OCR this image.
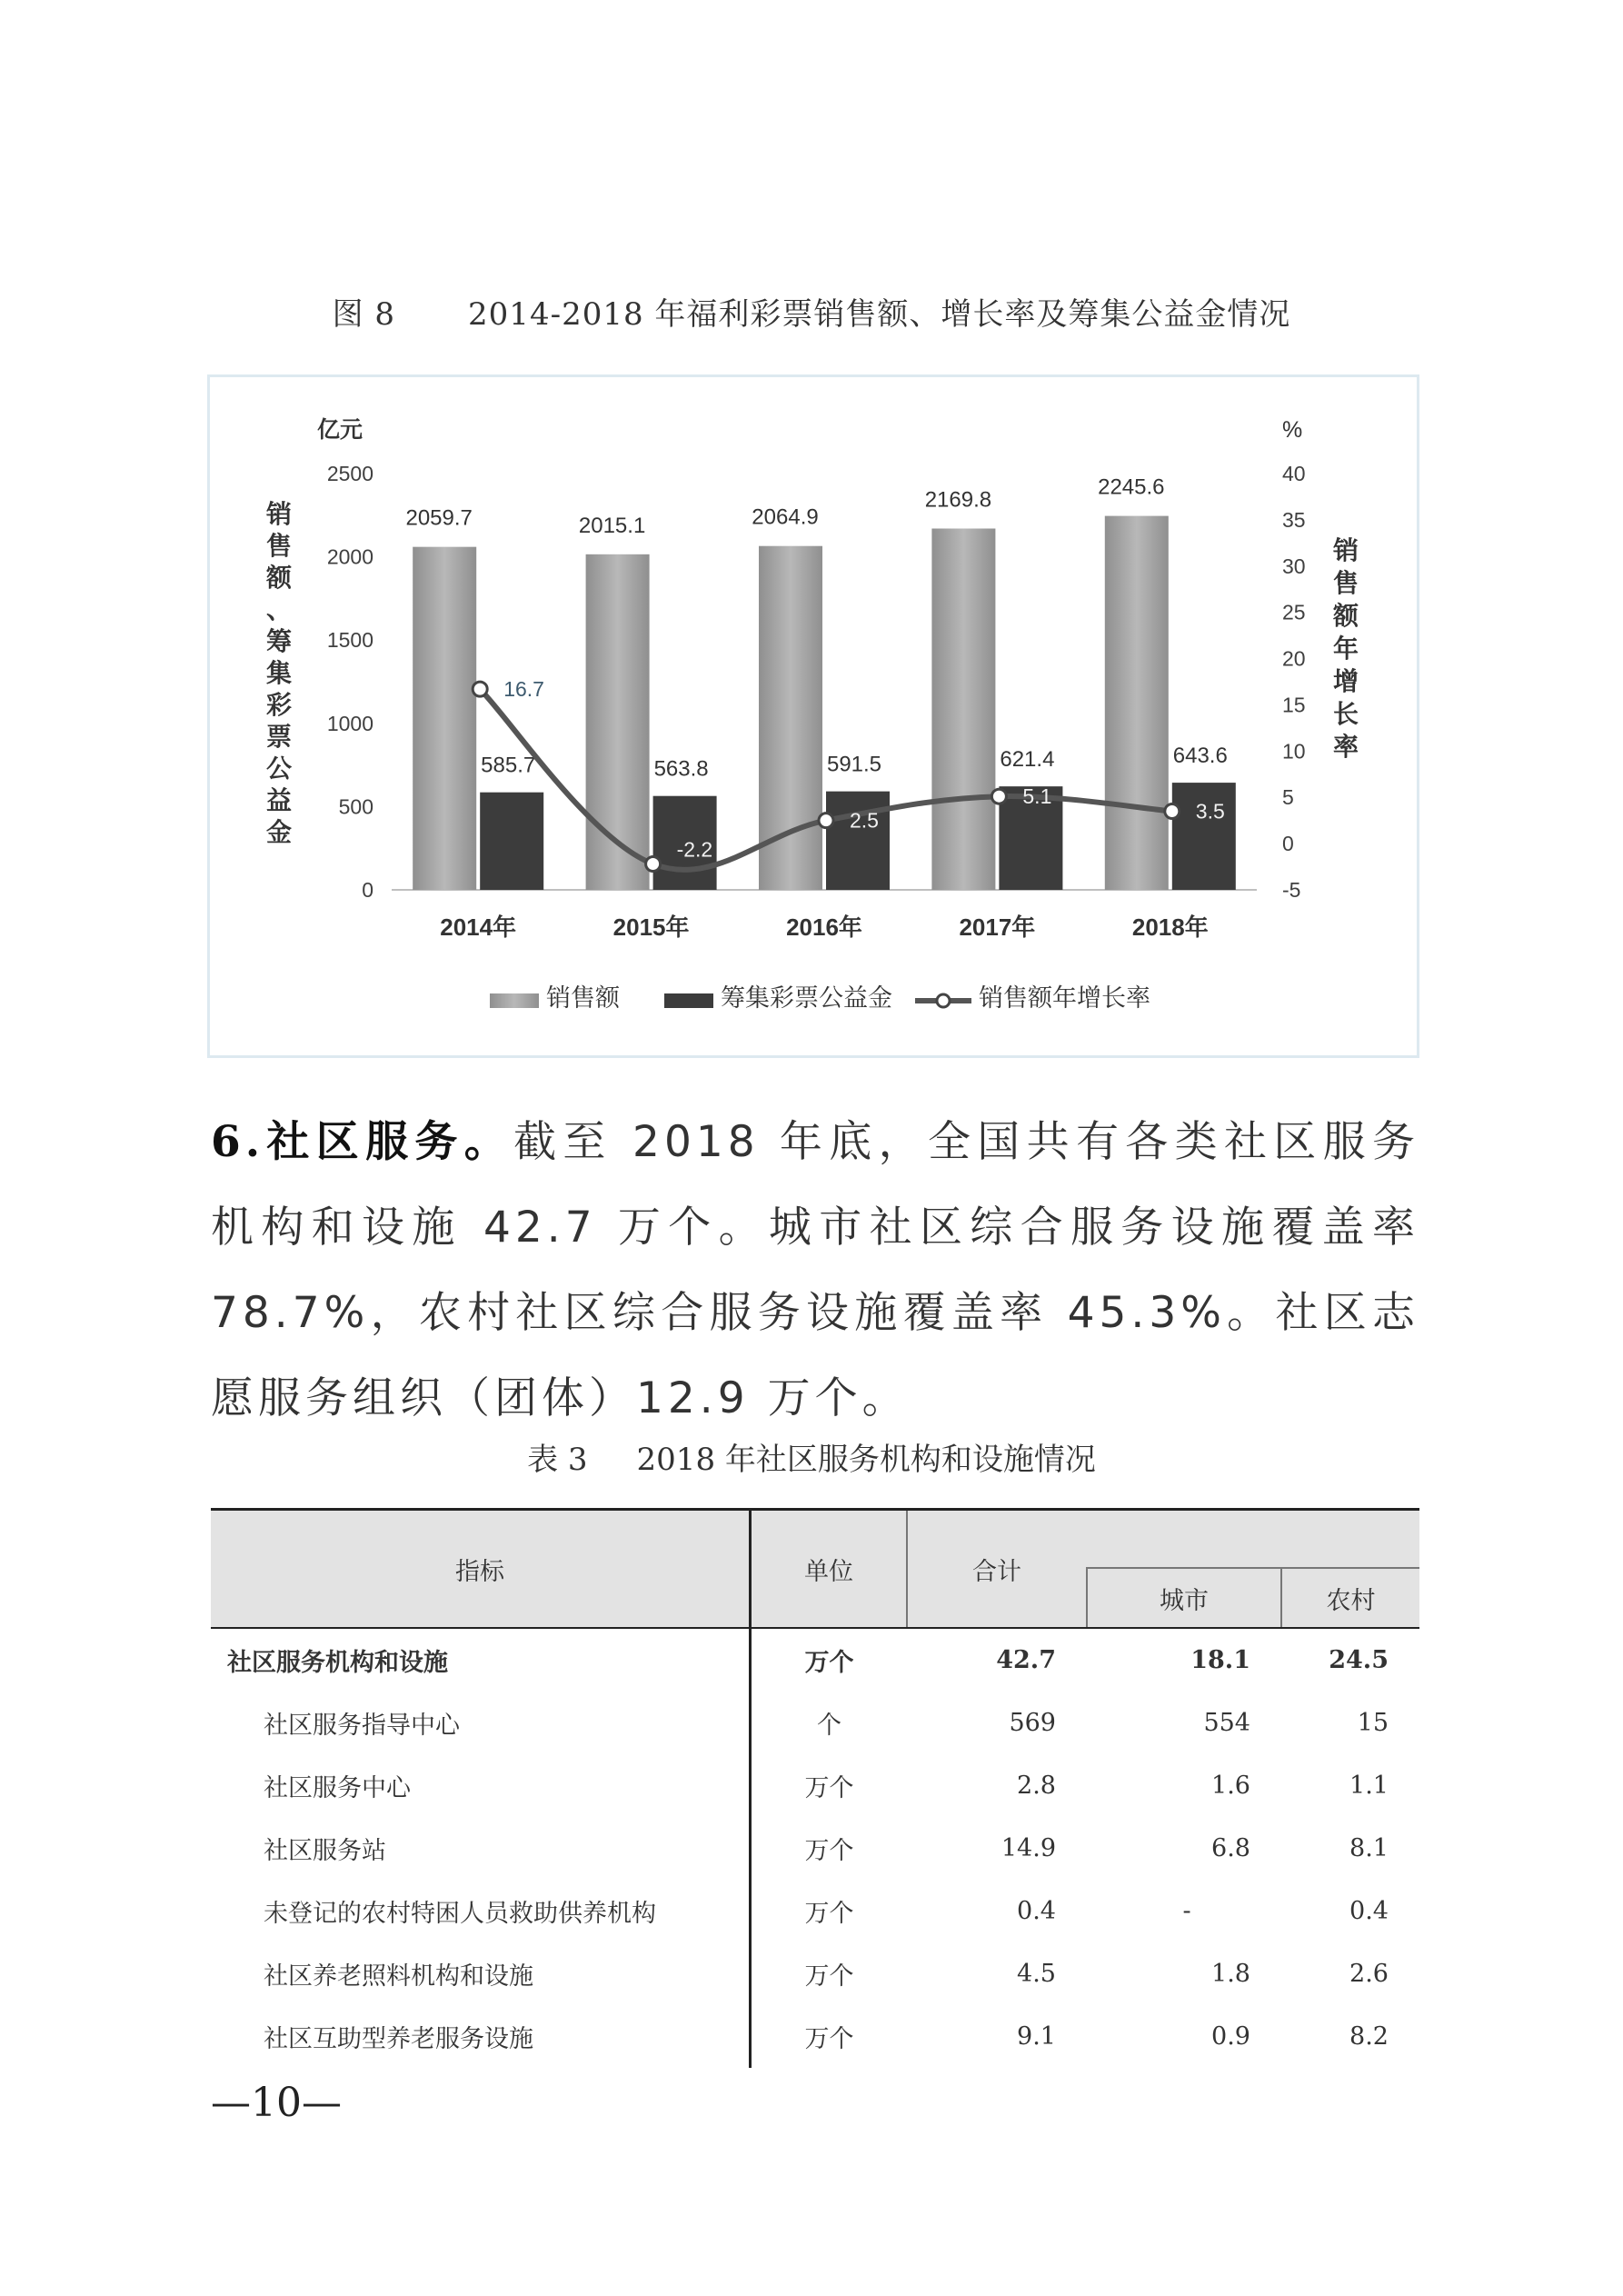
图 8 2014-2018 年福利彩票销售额、增长率及筹集公益金情况
0
500
1000
1500
2000
2500
-5
0
5
10
15
20
25
30
35
40
亿元	%
销
售
额
、
筹
集
彩
票
公
益
金
销
售
额
年
增
长
率
2059.7
585.7
2014年
2015.1
563.8
2015年
2064.9
591.5
2016年
2169.8
621.4
2017年
2245.6
643.6
2018年
16.7
-2.2
2.5
5.1
3.5
销售额	筹集彩票公益金	销售额年增长率
6.社区服务。截至 2018 年底，全国共有各类社区服务机构和设施 42.7 万个。城市社区综合服务设施覆盖率 78.7%，农村社区综合服务设施覆盖率 45.3%。社区志愿服务组织（团体）12.9 万个。
表 3 2018 年社区服务机构和设施情况
指标	单位	合计		
			城市	农村
社区服务机构和设施	万个	42.7	18.1	24.5
社区服务指导中心	个	569	554	15
社区服务中心	万个	2.8	1.6	1.1
社区服务站	万个	14.9	6.8	8.1
未登记的农村特困人员救助供养机构	万个	0.4	-	0.4
社区养老照料机构和设施	万个	4.5	1.8	2.6
社区互助型养老服务设施	万个	9.1	0.9	8.2
—10—
